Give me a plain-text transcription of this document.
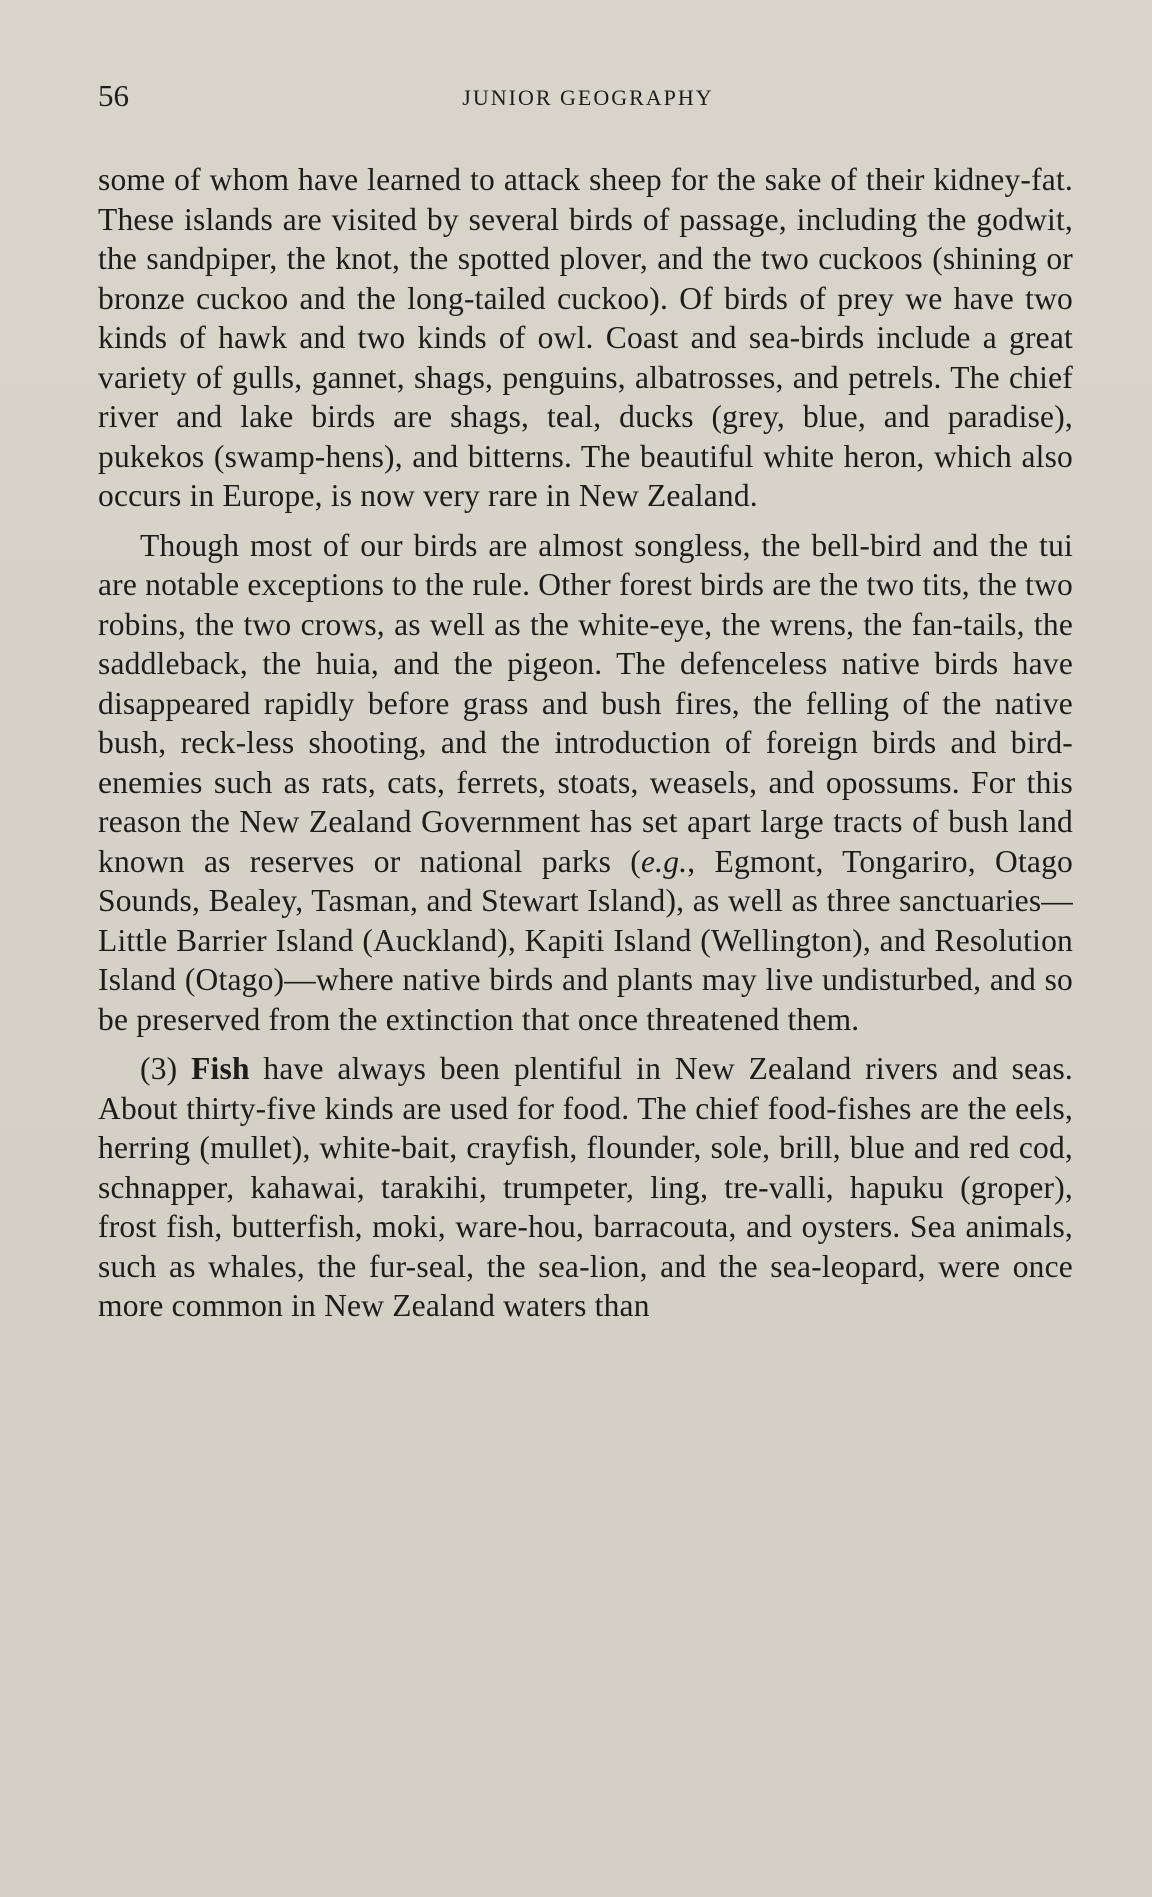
56	JUNIOR GEOGRAPHY

some of whom have learned to attack sheep for the sake of their kidney-fat. These islands are visited by several birds of passage, including the godwit, the sandpiper, the knot, the spotted plover, and the two cuckoos (shining or bronze cuckoo and the long-tailed cuckoo). Of birds of prey we have two kinds of hawk and two kinds of owl. Coast and sea-birds include a great variety of gulls, gannet, shags, penguins, albatrosses, and petrels. The chief river and lake birds are shags, teal, ducks (grey, blue, and paradise), pukekos (swamp-hens), and bitterns. The beautiful white heron, which also occurs in Europe, is now very rare in New Zealand.

Though most of our birds are almost songless, the bell-bird and the tui are notable exceptions to the rule. Other forest birds are the two tits, the two robins, the two crows, as well as the white-eye, the wrens, the fan-tails, the saddleback, the huia, and the pigeon. The defenceless native birds have disappeared rapidly before grass and bush fires, the felling of the native bush, reck-less shooting, and the introduction of foreign birds and bird-enemies such as rats, cats, ferrets, stoats, weasels, and opossums. For this reason the New Zealand Government has set apart large tracts of bush land known as reserves or national parks (e.g., Egmont, Tongariro, Otago Sounds, Bealey, Tasman, and Stewart Island), as well as three sanctuaries—Little Barrier Island (Auckland), Kapiti Island (Wellington), and Resolution Island (Otago)—where native birds and plants may live undisturbed, and so be preserved from the extinction that once threatened them.

(3) Fish have always been plentiful in New Zealand rivers and seas. About thirty-five kinds are used for food. The chief food-fishes are the eels, herring (mullet), white-bait, crayfish, flounder, sole, brill, blue and red cod, schnapper, kahawai, tarakihi, trumpeter, ling, tre-valli, hapuku (groper), frost fish, butterfish, moki, ware-hou, barracouta, and oysters. Sea animals, such as whales, the fur-seal, the sea-lion, and the sea-leopard, were once more common in New Zealand waters than
